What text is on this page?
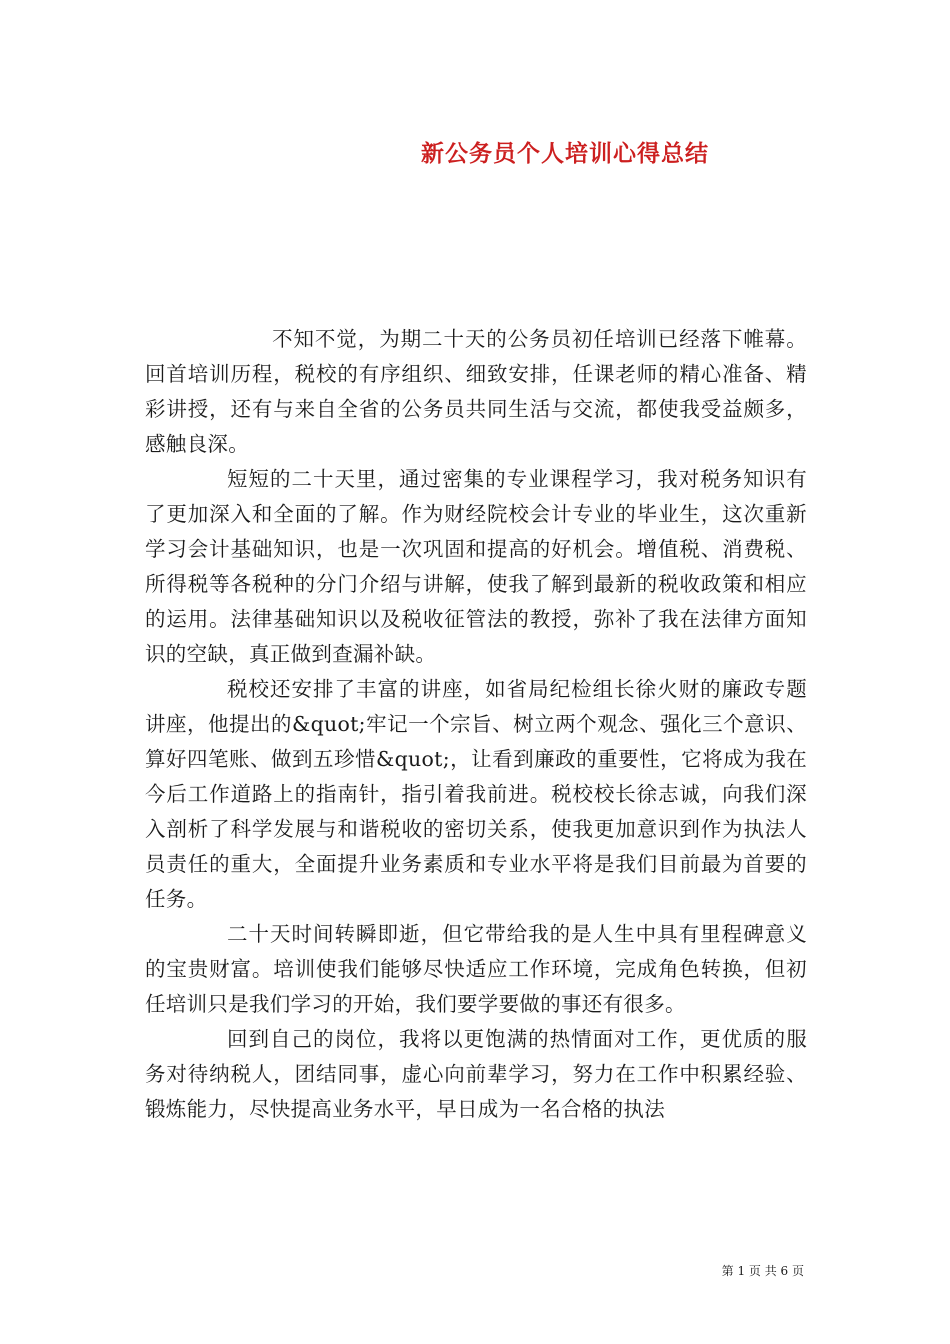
新公务员个人培训心得总结

不知不觉，为期二十天的公务员初任培训已经落下帷幕。回首培训历程，税校的有序组织、细致安排，任课老师的精心准备、精彩讲授，还有与来自全省的公务员共同生活与交流，都使我受益颇多，感触良深。

短短的二十天里，通过密集的专业课程学习，我对税务知识有了更加深入和全面的了解。作为财经院校会计专业的毕业生，这次重新学习会计基础知识，也是一次巩固和提高的好机会。增值税、消费税、所得税等各税种的分门介绍与讲解，使我了解到最新的税收政策和相应的运用。法律基础知识以及税收征管法的教授，弥补了我在法律方面知识的空缺，真正做到查漏补缺。

税校还安排了丰富的讲座，如省局纪检组长徐火财的廉政专题讲座，他提出的&quot;牢记一个宗旨、树立两个观念、强化三个意识、算好四笔账、做到五珍惜&quot;，让看到廉政的重要性，它将成为我在今后工作道路上的指南针，指引着我前进。税校校长徐志诚，向我们深入剖析了科学发展与和谐税收的密切关系，使我更加意识到作为执法人员责任的重大，全面提升业务素质和专业水平将是我们目前最为首要的任务。

二十天时间转瞬即逝，但它带给我的是人生中具有里程碑意义的宝贵财富。培训使我们能够尽快适应工作环境，完成角色转换，但初任培训只是我们学习的开始，我们要学要做的事还有很多。

回到自己的岗位，我将以更饱满的热情面对工作，更优质的服务对待纳税人，团结同事，虚心向前辈学习，努力在工作中积累经验、锻炼能力，尽快提高业务水平，早日成为一名合格的执法

第 1 页 共 6 页
